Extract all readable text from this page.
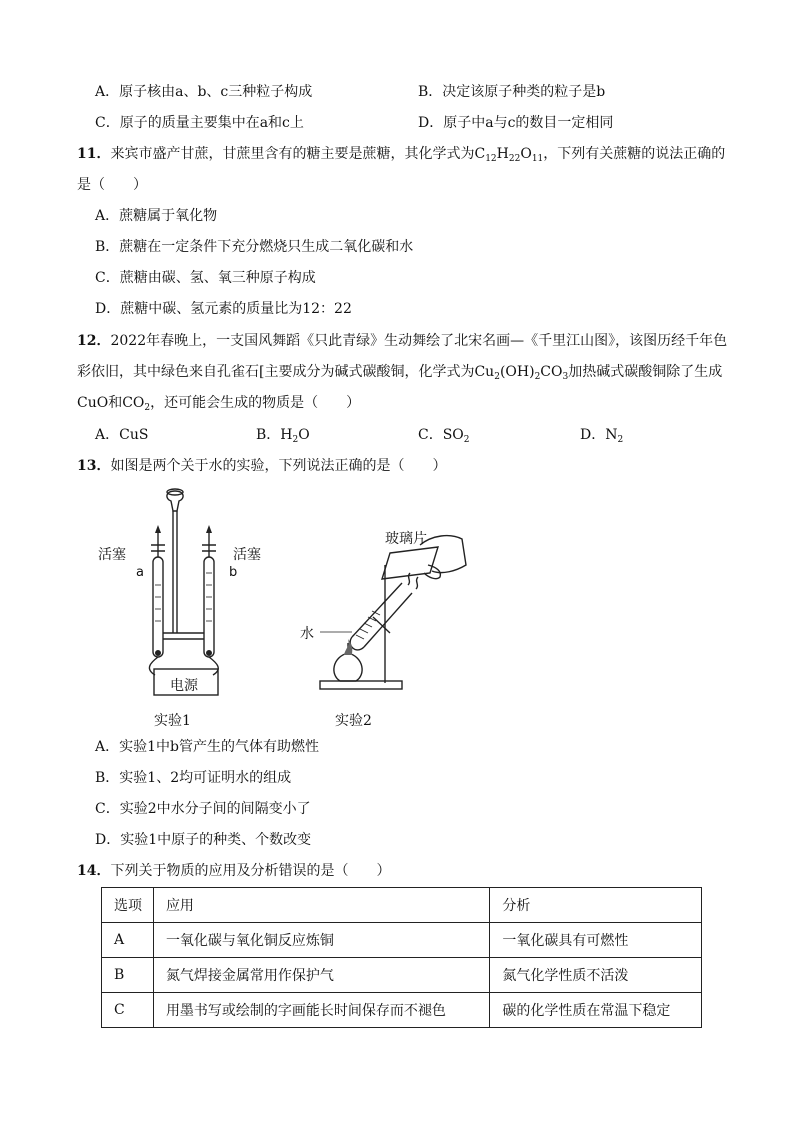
A．原子核由a、b、c三种粒子构成	B．决定该原子种类的粒子是b
C．原子的质量主要集中在a和c上	D．原子中a与c的数目一定相同
11．来宾市盛产甘蔗，甘蔗里含有的糖主要是蔗糖，其化学式为$C_{12}H_{22}O_{11}$，下列有关蔗糖的说法正确的
是（　　）
A．蔗糖属于氧化物
B．蔗糖在一定条件下充分燃烧只生成二氧化碳和水
C．蔗糖由碳、氢、氧三种原子构成
D．蔗糖中碳、氢元素的质量比为12：22
12．2022年春晚上，一支国风舞蹈《只此青绿》生动舞绘了北宋名画—《千里江山图》，该图历经千年色
彩依旧，其中绿色来自孔雀石[主要成分为碱式碳酸铜，化学式为$Cu_2(OH)_2CO_3$加热碱式碳酸铜除了生成
CuO和$CO_2$，还可能会生成的物质是（　　）
A．CuS	B．$H_2O$	C．$SO_2$	D．$N_2$
13．如图是两个关于水的实验，下列说法正确的是（　　）
活塞	活塞
a	b
电源
实验1
玻璃片
水
实验2
A．实验1中b管产生的气体有助燃性
B．实验1、2均可证明水的组成
C．实验2中水分子间的间隔变小了
D．实验1中原子的种类、个数改变
14．下列关于物质的应用及分析错误的是（　　）
选项	应用	分析
A	一氧化碳与氧化铜反应炼铜	一氧化碳具有可燃性
B	氮气焊接金属常用作保护气	氮气化学性质不活泼
C	用墨书写或绘制的字画能长时间保存而不褪色	碳的化学性质在常温下稳定
